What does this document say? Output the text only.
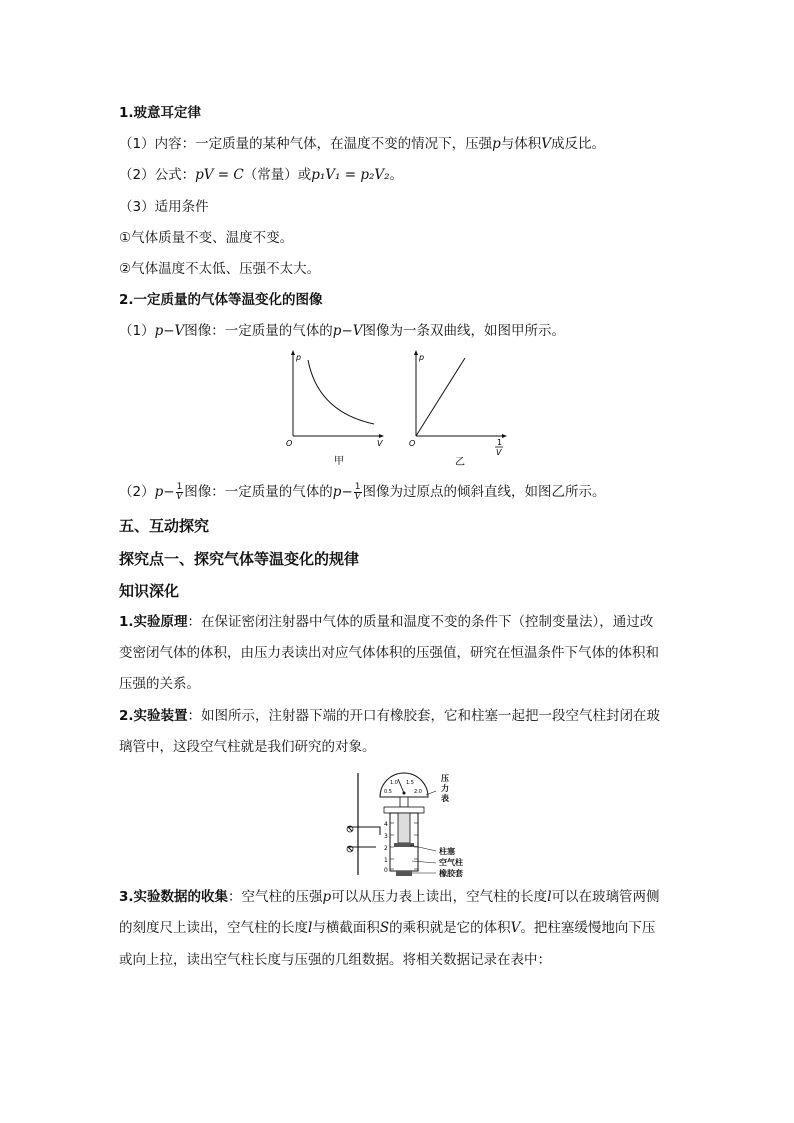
1.玻意耳定律
（1）内容：一定质量的某种气体，在温度不变的情况下，压强p与体积V成反比。
（2）公式：pV = C（常量）或p₁V₁ = p₂V₂。
（3）适用条件
①气体质量不变、温度不变。
②气体温度不太低、压强不太大。
2.一定质量的气体等温变化的图像
（1）p−V图像：一定质量的气体的p−V图像为一条双曲线，如图甲所示。
p
V
O
甲
p
1
V
O
乙
$(2)p- \frac{1}{V}$ 图像：一定质量的气体的$p- \frac{1}{V}$ 图像为过原点的倾斜直线，如图乙所示。
五、互动探究
探究点一、探究气体等温变化的规律
知识深化
1.实验原理：在保证密闭注射器中气体的质量和温度不变的条件下（控制变量法），通过改
变密闭气体的体积，由压力表读出对应气体体积的压强值，研究在恒温条件下气体的体积和
压强的关系。
2.实验装置：如图所示，注射器下端的开口有橡胶套，它和柱塞一起把一段空气柱封闭在玻
璃管中，这段空气柱就是我们研究的对象。
0.5
1.0 1.5
2.0
4
3
2
1
0
压力表
柱塞
空气柱
橡胶套
3.实验数据的收集：空气柱的压强p可以从压力表上读出，空气柱的长度l可以在玻璃管两侧
的刻度尺上读出，空气柱的长度l与横截面积S的乘积就是它的体积V。把柱塞缓慢地向下压
或向上拉，读出空气柱长度与压强的几组数据。将相关数据记录在表中：
